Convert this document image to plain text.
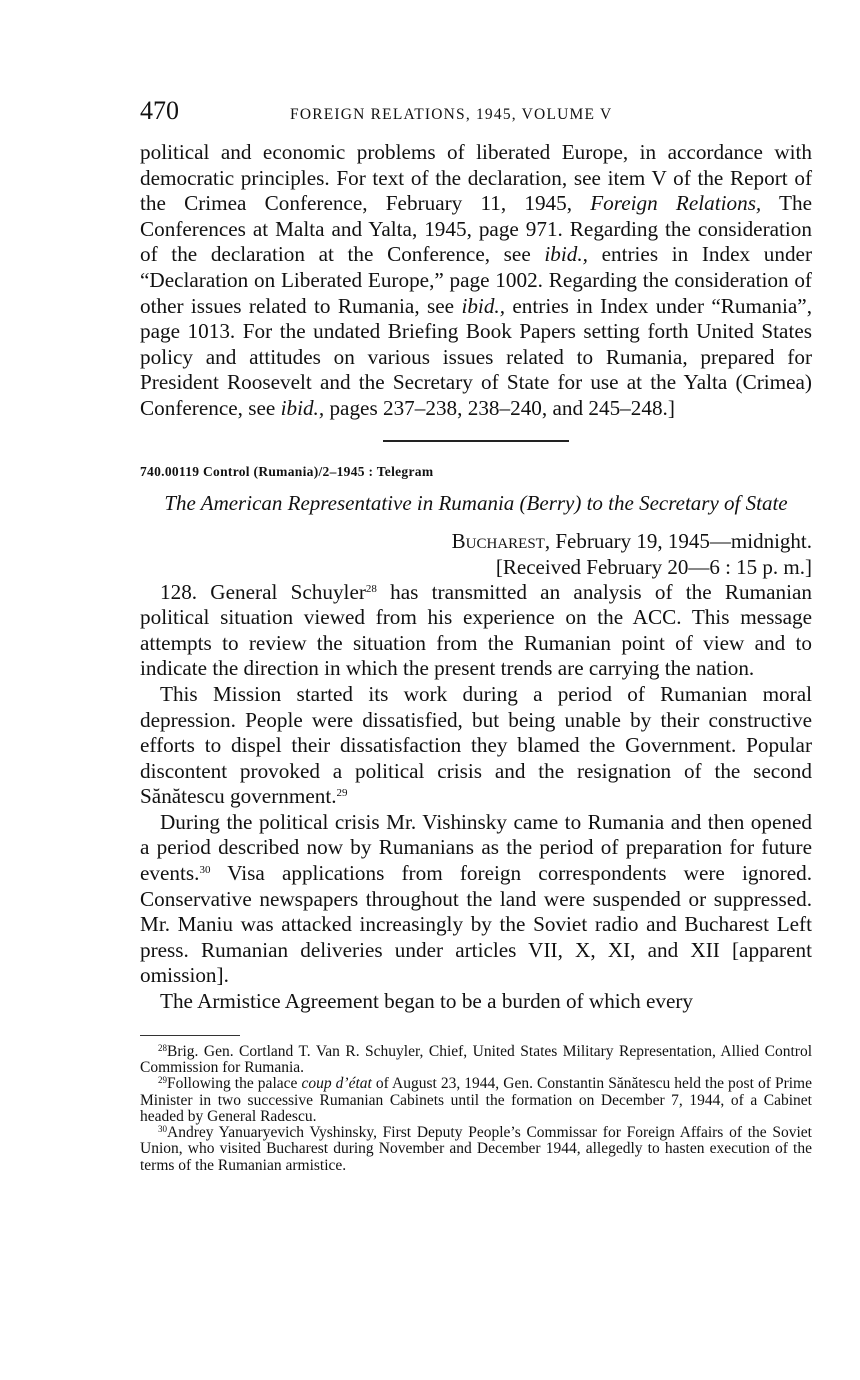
470	FOREIGN RELATIONS, 1945, VOLUME V

political and economic problems of liberated Europe, in accordance with democratic principles. For text of the declaration, see item V of the Report of the Crimea Conference, February 11, 1945, Foreign Relations, The Conferences at Malta and Yalta, 1945, page 971. Regarding the consideration of the declaration at the Conference, see ibid., entries in Index under “Declaration on Liberated Europe,” page 1002. Regarding the consideration of other issues related to Rumania, see ibid., entries in Index under “Rumania”, page 1013. For the undated Briefing Book Papers setting forth United States policy and attitudes on various issues related to Rumania, prepared for President Roosevelt and the Secretary of State for use at the Yalta (Crimea) Conference, see ibid., pages 237–238, 238–240, and 245–248.]

740.00119 Control (Rumania)/2–1945 : Telegram
The American Representative in Rumania (Berry) to the Secretary of State
Bucharest, February 19, 1945—midnight.
[Received February 20—6 : 15 p. m.]

128. General Schuyler$^{28}$ has transmitted an analysis of the Rumanian political situation viewed from his experience on the ACC. This message attempts to review the situation from the Rumanian point of view and to indicate the direction in which the present trends are carrying the nation.

This Mission started its work during a period of Rumanian moral depression. People were dissatisfied, but being unable by their constructive efforts to dispel their dissatisfaction they blamed the Government. Popular discontent provoked a political crisis and the resignation of the second Sănătescu government.$^{29}$

During the political crisis Mr. Vishinsky came to Rumania and then opened a period described now by Rumanians as the period of preparation for future events.$^{30}$ Visa applications from foreign correspondents were ignored. Conservative newspapers throughout the land were suspended or suppressed. Mr. Maniu was attacked increasingly by the Soviet radio and Bucharest Left press. Rumanian deliveries under articles VII, X, XI, and XII [apparent omission].

The Armistice Agreement began to be a burden of which every

$^{28}$Brig. Gen. Cortland T. Van R. Schuyler, Chief, United States Military Representation, Allied Control Commission for Rumania.

$^{29}$Following the palace coup d’état of August 23, 1944, Gen. Constantin Sănătescu held the post of Prime Minister in two successive Rumanian Cabinets until the formation on December 7, 1944, of a Cabinet headed by General Radescu.

$^{30}$Andrey Yanuaryevich Vyshinsky, First Deputy People’s Commissar for Foreign Affairs of the Soviet Union, who visited Bucharest during November and December 1944, allegedly to hasten execution of the terms of the Rumanian armistice.
